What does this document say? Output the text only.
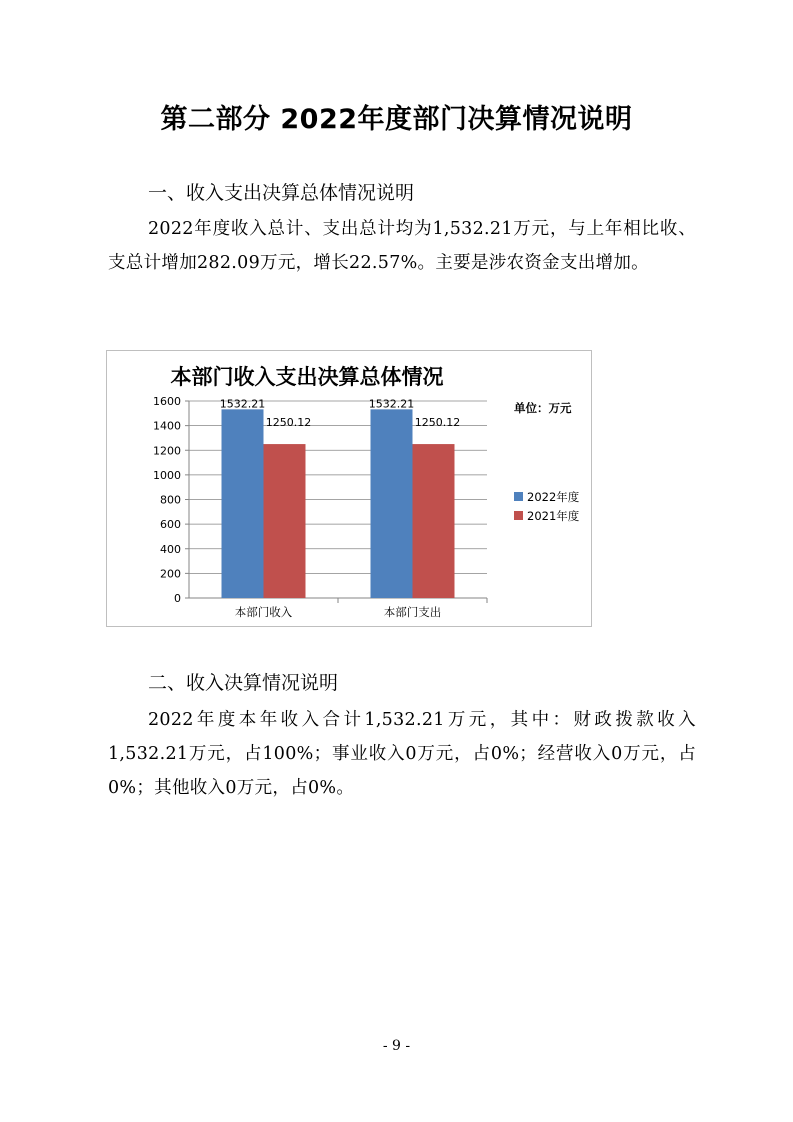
第二部分 2022年度部门决算情况说明
一、收入支出决算总体情况说明
2022年度收入总计、支出总计均为1,532.21万元，与上年相比收、支总计增加282.09万元，增长22.57%。主要是涉农资金支出增加。
本部门收入支出决算总体情况
0
200
400
600
800
1000
1200
1400
1600
本部门收入
1532.21
1250.12
本部门支出
1532.21
1250.12
单位：万元
2022年度
2021年度
二、收入决算情况说明
2022年度本年收入合计1,532.21万元，其中：财政拨款收入1,532.21万元，占100%；事业收入0万元，占0%；经营收入0万元，占0%；其他收入0万元，占0%。
- 9 -
